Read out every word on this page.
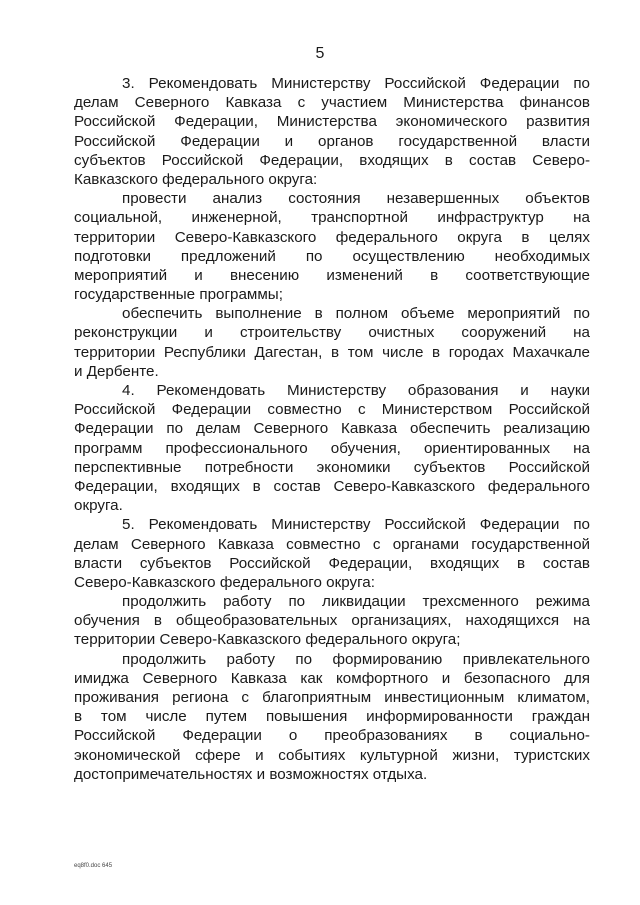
5
3. Рекомендовать Министерству Российской Федерации по
делам Северного Кавказа с участием Министерства финансов
Российской Федерации, Министерства экономического развития
Российской Федерации и органов государственной власти
субъектов Российской Федерации, входящих в состав Северо-
Кавказского федерального округа:
провести анализ состояния незавершенных объектов
социальной, инженерной, транспортной инфраструктур на
территории Северо-Кавказского федерального округа в целях
подготовки предложений по осуществлению необходимых
мероприятий и внесению изменений в соответствующие
государственные программы;
обеспечить выполнение в полном объеме мероприятий по
реконструкции и строительству очистных сооружений на
территории Республики Дагестан, в том числе в городах Махачкале
и Дербенте.
4. Рекомендовать Министерству образования и науки
Российской Федерации совместно с Министерством Российской
Федерации по делам Северного Кавказа обеспечить реализацию
программ профессионального обучения, ориентированных на
перспективные потребности экономики субъектов Российской
Федерации, входящих в состав Северо-Кавказского федерального
округа.
5. Рекомендовать Министерству Российской Федерации по
делам Северного Кавказа совместно с органами государственной
власти субъектов Российской Федерации, входящих в состав
Северо-Кавказского федерального округа:
продолжить работу по ликвидации трехсменного режима
обучения в общеобразовательных организациях, находящихся на
территории Северо-Кавказского федерального округа;
продолжить работу по формированию привлекательного
имиджа Северного Кавказа как комфортного и безопасного для
проживания региона с благоприятным инвестиционным климатом,
в том числе путем повышения информированности граждан
Российской Федерации о преобразованиях в социально-
экономической сфере и событиях культурной жизни, туристских
достопримечательностях и возможностях отдыха.
eq8f0.doc 645
